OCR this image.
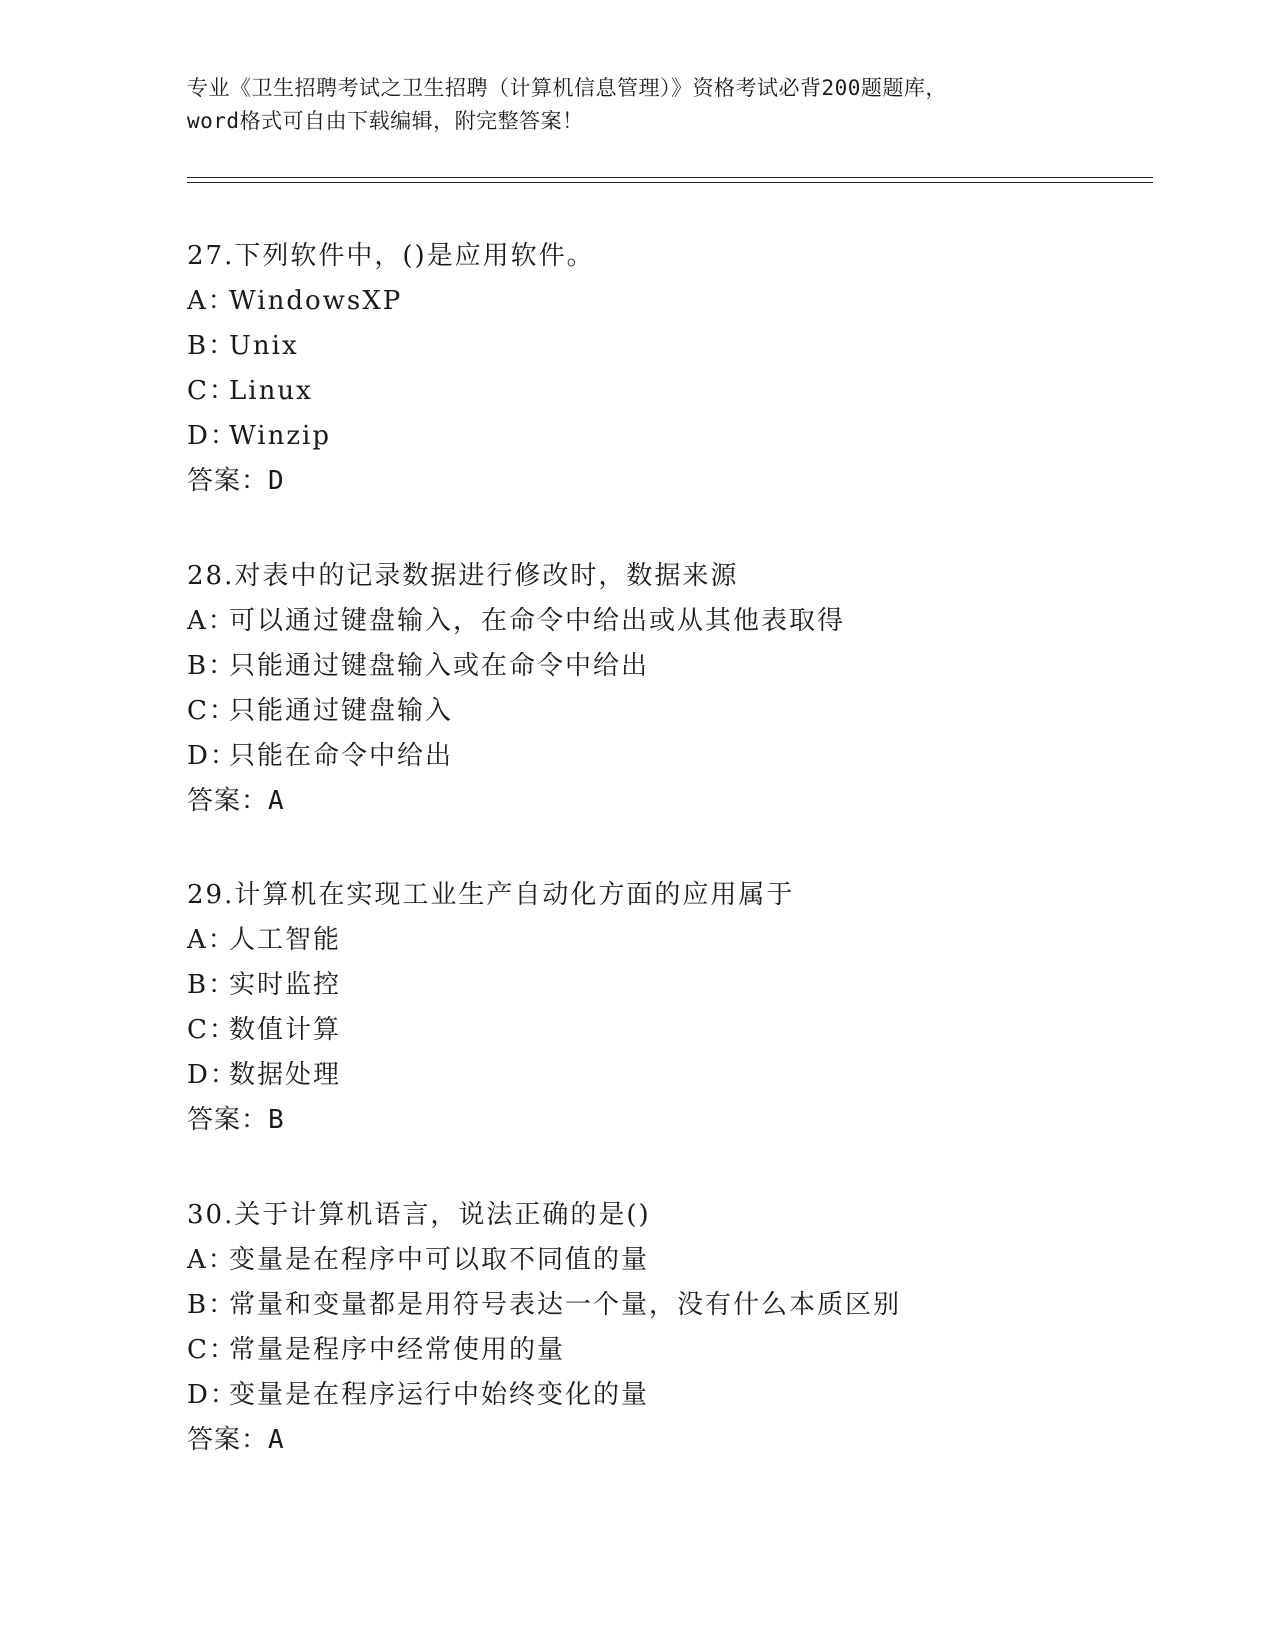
专业《卫生招聘考试之卫生招聘（计算机信息管理）》资格考试必背200题题库，

word格式可自由下载编辑，附完整答案！

27.下列软件中，()是应用软件。
A：WindowsXP
B：Unix
C：Linux
D：Winzip
答案：D
28.对表中的记录数据进行修改时，数据来源
A：可以通过键盘输入，在命令中给出或从其他表取得
B：只能通过键盘输入或在命令中给出
C：只能通过键盘输入
D：只能在命令中给出
答案：A
29.计算机在实现工业生产自动化方面的应用属于
A：人工智能
B：实时监控
C：数值计算
D：数据处理
答案：B
30.关于计算机语言，说法正确的是()
A：变量是在程序中可以取不同值的量
B：常量和变量都是用符号表达一个量，没有什么本质区别
C：常量是程序中经常使用的量
D：变量是在程序运行中始终变化的量
答案：A
